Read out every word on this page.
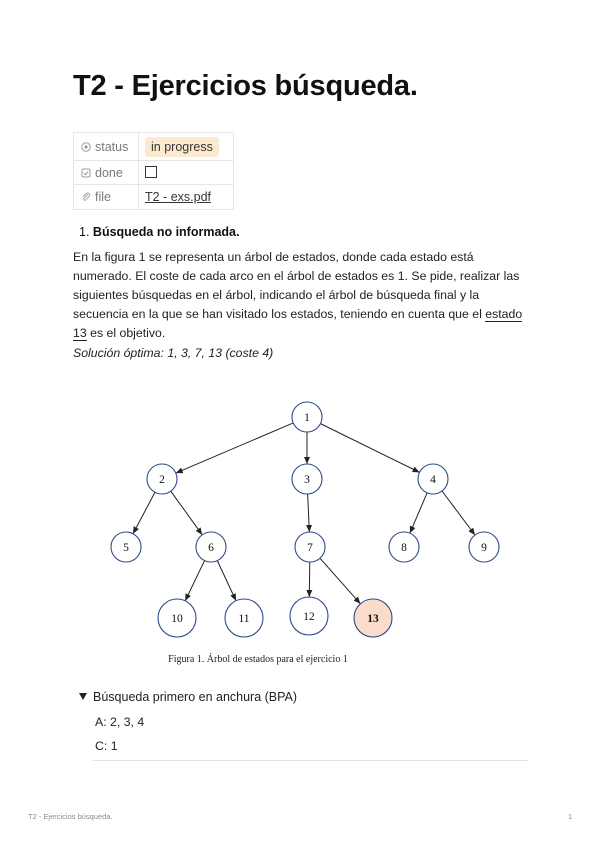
T2 - Ejercicios búsqueda.
status	in progress
done	
file	T2 - exs.pdf
1. Búsqueda no informada.

En la figura 1 se representa un árbol de estados, donde cada estado está numerado. El coste de cada arco en el árbol de estados es 1. Se pide, realizar las siguientes búsquedas en el árbol, indicando el árbol de búsqueda final y la secuencia en la que se han visitado los estados, teniendo en cuenta que el estado 13 es el objetivo.

Solución óptima: 1, 3, 7, 13 (coste 4)
1
2	3	4
5	6	7	8	9
10	11	12	13
Figura 1. Árbol de estados para el ejercicio 1
Búsqueda primero en anchura (BPA)
A: 2, 3, 4
C: 1
T2 - Ejercicios búsqueda.	1
